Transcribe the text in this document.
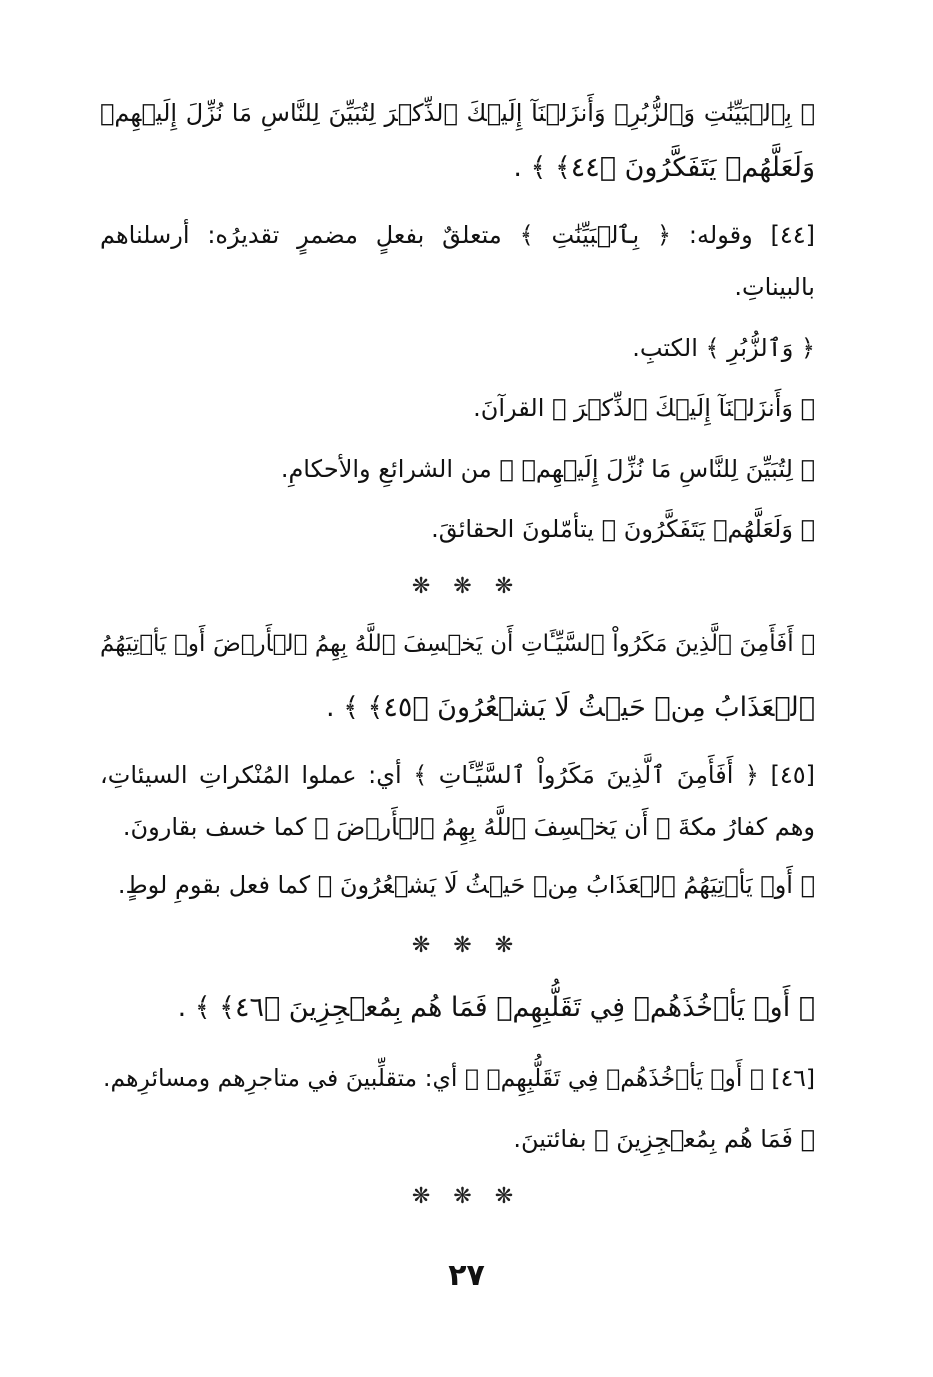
﴿ بِٱلۡبَيِّنَٰتِ وَٱلزُّبُرِۗ وَأَنزَلۡنَآ إِلَيۡكَ ٱلذِّكۡرَ لِتُبَيِّنَ لِلنَّاسِ مَا نُزِّلَ إِلَيۡهِمۡ
وَلَعَلَّهُمۡ يَتَفَكَّرُونَ ﴿٤٤﴾ ﴾ .
[٤٤] وقوله: ﴿ بِٱلۡبَيِّنَٰتِ ﴾ متعلقٌ بفعلٍ مضمرٍ تقديرُه: أرسلناهم
بالبيناتِ.
﴿ وَٱلزُّبُرِ ﴾ الكتبِ.
﴿ وَأَنزَلۡنَآ إِلَيۡكَ ٱلذِّكۡرَ ﴾ القرآنَ.
﴿ لِتُبَيِّنَ لِلنَّاسِ مَا نُزِّلَ إِلَيۡهِمۡ ﴾ من الشرائعِ والأحكامِ.
﴿ وَلَعَلَّهُمۡ يَتَفَكَّرُونَ ﴾ يتأمّلونَ الحقائقَ.
❋ ❋ ❋
﴿ أَفَأَمِنَ ٱلَّذِينَ مَكَرُواْ ٱلسَّيِّـَٔاتِ أَن يَخۡسِفَ ٱللَّهُ بِهِمُ ٱلۡأَرۡضَ أَوۡ يَأۡتِيَهُمُ
ٱلۡعَذَابُ مِنۡ حَيۡثُ لَا يَشۡعُرُونَ ﴿٤٥﴾ ﴾ .
[٤٥] ﴿ أَفَأَمِنَ ٱلَّذِينَ مَكَرُواْ ٱلسَّيِّـَٔاتِ ﴾ أي: عملوا المُنْكراتِ السيئاتِ،
وهم كفارُ مكةَ ﴿ أَن يَخۡسِفَ ٱللَّهُ بِهِمُ ٱلۡأَرۡضَ ﴾ كما خسف بقارونَ.
﴿ أَوۡ يَأۡتِيَهُمُ ٱلۡعَذَابُ مِنۡ حَيۡثُ لَا يَشۡعُرُونَ ﴾ كما فعل بقومِ لوطٍ.
❋ ❋ ❋
﴿ أَوۡ يَأۡخُذَهُمۡ فِي تَقَلُّبِهِمۡ فَمَا هُم بِمُعۡجِزِينَ ﴿٤٦﴾ ﴾ .
[٤٦] ﴿ أَوۡ يَأۡخُذَهُمۡ فِي تَقَلُّبِهِمۡ ﴾ أي: متقلِّبينَ في متاجرِهم ومسائرِهم.
﴿ فَمَا هُم بِمُعۡجِزِينَ ﴾ بفائتينَ.
❋ ❋ ❋
٢٧
